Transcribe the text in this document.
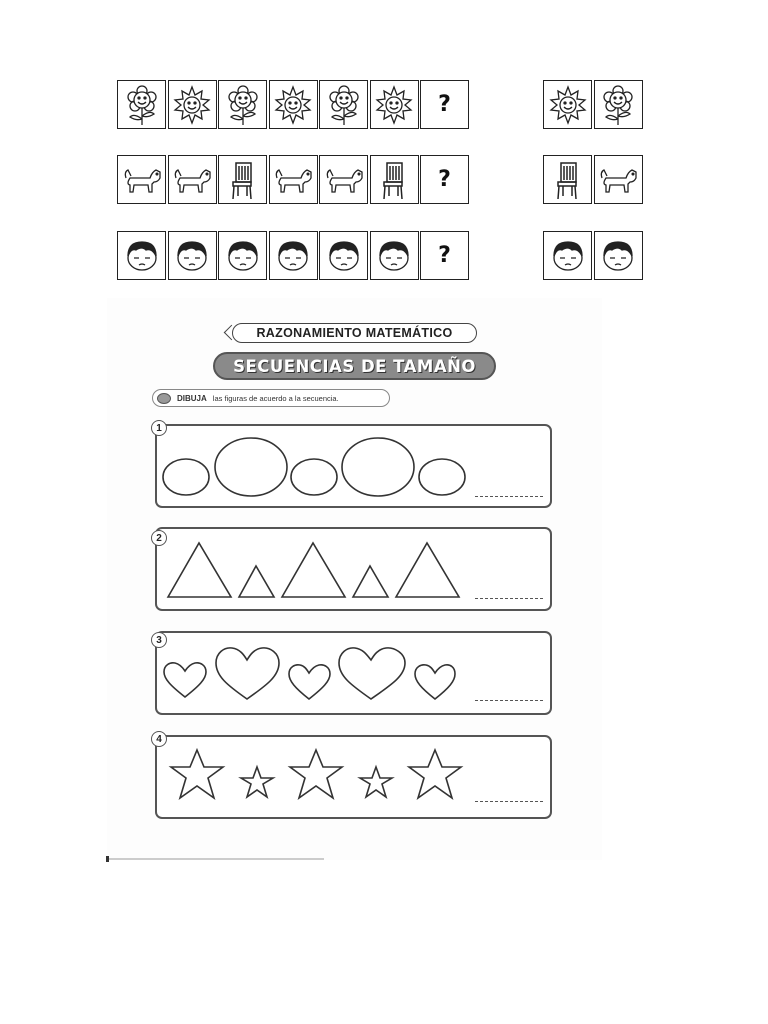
?
?
?
RAZONAMIENTO MATEMÁTICO
SECUENCIAS DE TAMAÑO
DIBUJA las figuras de acuerdo a la secuencia.
1
2
3
4
